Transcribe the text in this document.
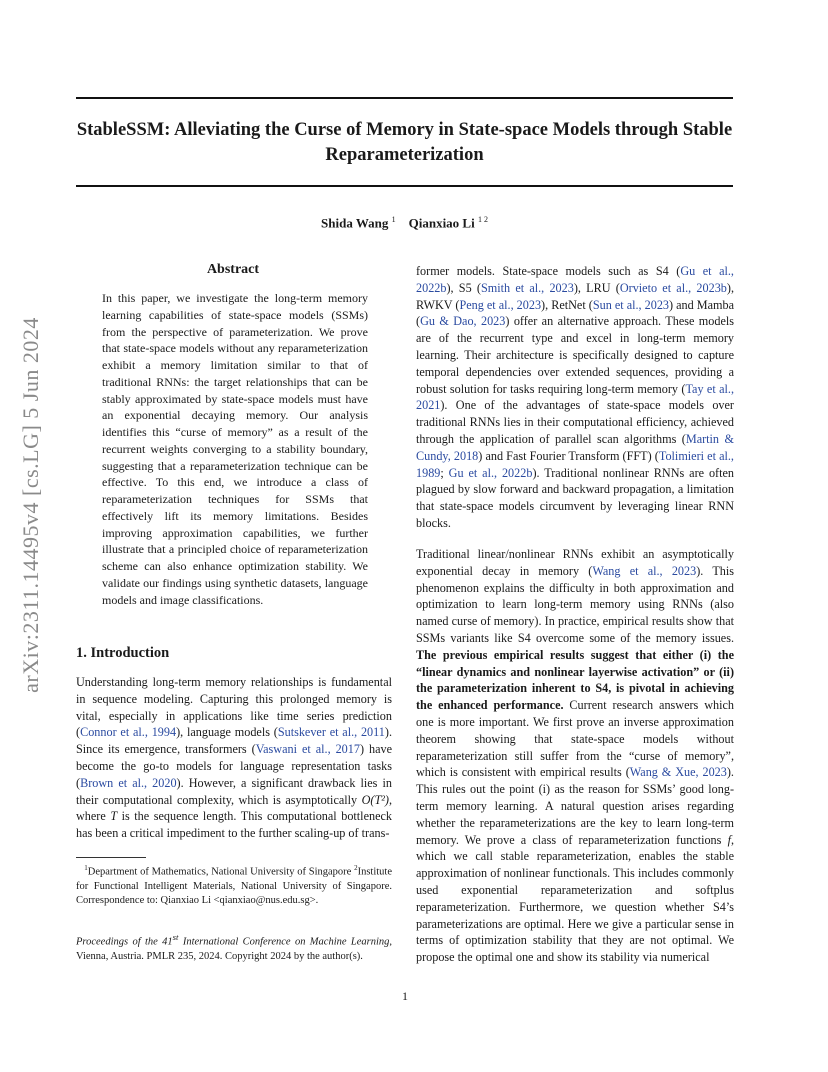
StableSSM: Alleviating the Curse of Memory in State-space Models through Stable Reparameterization
Shida Wang $^1$ Qianxiao Li $^{1 2}$
arXiv:2311.14495v4 [cs.LG] 5 Jun 2024
Abstract

In this paper, we investigate the long-term memory learning capabilities of state-space models (SSMs) from the perspective of parameterization. We prove that state-space models without any reparameterization exhibit a memory limitation similar to that of traditional RNNs: the target relationships that can be stably approximated by state-space models must have an exponential decaying memory. Our analysis identifies this “curse of memory” as a result of the recurrent weights converging to a stability boundary, suggesting that a reparameterization technique can be effective. To this end, we introduce a class of reparameterization techniques for SSMs that effectively lift its memory limitations. Besides improving approximation capabilities, we further illustrate that a principled choice of reparameterization scheme can also enhance optimization stability. We validate our findings using synthetic datasets, language models and image classifications.

1. Introduction

Understanding long-term memory relationships is fundamental in sequence modeling. Capturing this prolonged memory is vital, especially in applications like time series prediction (Connor et al., 1994), language models (Sutskever et al., 2011). Since its emergence, transformers (Vaswani et al., 2017) have become the go-to models for language representation tasks (Brown et al., 2020). However, a significant drawback lies in their computational complexity, which is asymptotically O(T²), where T is the sequence length. This computational bottleneck has been a critical impediment to the further scaling-up of trans-

$^1$Department of Mathematics, National University of Singapore $^2$Institute for Functional Intelligent Materials, National University of Singapore. Correspondence to: Qianxiao Li <qianxiao@nus.edu.sg>.

Proceedings of the 41st International Conference on Machine Learning, Vienna, Austria. PMLR 235, 2024. Copyright 2024 by the author(s).

former models. State-space models such as S4 (Gu et al., 2022b), S5 (Smith et al., 2023), LRU (Orvieto et al., 2023b), RWKV (Peng et al., 2023), RetNet (Sun et al., 2023) and Mamba (Gu & Dao, 2023) offer an alternative approach. These models are of the recurrent type and excel in long-term memory learning. Their architecture is specifically designed to capture temporal dependencies over extended sequences, providing a robust solution for tasks requiring long-term memory (Tay et al., 2021). One of the advantages of state-space models over traditional RNNs lies in their computational efficiency, achieved through the application of parallel scan algorithms (Martin & Cundy, 2018) and Fast Fourier Transform (FFT) (Tolimieri et al., 1989; Gu et al., 2022b). Traditional nonlinear RNNs are often plagued by slow forward and backward propagation, a limitation that state-space models circumvent by leveraging linear RNN blocks.

Traditional linear/nonlinear RNNs exhibit an asymptotically exponential decay in memory (Wang et al., 2023). This phenomenon explains the difficulty in both approximation and optimization to learn long-term memory using RNNs (also named curse of memory). In practice, empirical results show that SSMs variants like S4 overcome some of the memory issues. The previous empirical results suggest that either (i) the “linear dynamics and nonlinear layerwise activation” or (ii) the parameterization inherent to S4, is pivotal in achieving the enhanced performance. Current research answers which one is more important. We first prove an inverse approximation theorem showing that state-space models without reparameterization still suffer from the “curse of memory”, which is consistent with empirical results (Wang & Xue, 2023). This rules out the point (i) as the reason for SSMs’ good long-term memory learning. A natural question arises regarding whether the reparameterizations are the key to learn long-term memory. We prove a class of reparameterization functions f, which we call stable reparameterization, enables the stable approximation of nonlinear functionals. This includes commonly used exponential reparameterization and softplus reparameterization. Furthermore, we question whether S4’s parameterizations are optimal. Here we give a particular sense in terms of optimization stability that they are not optimal. We propose the optimal one and show its stability via numerical

1
